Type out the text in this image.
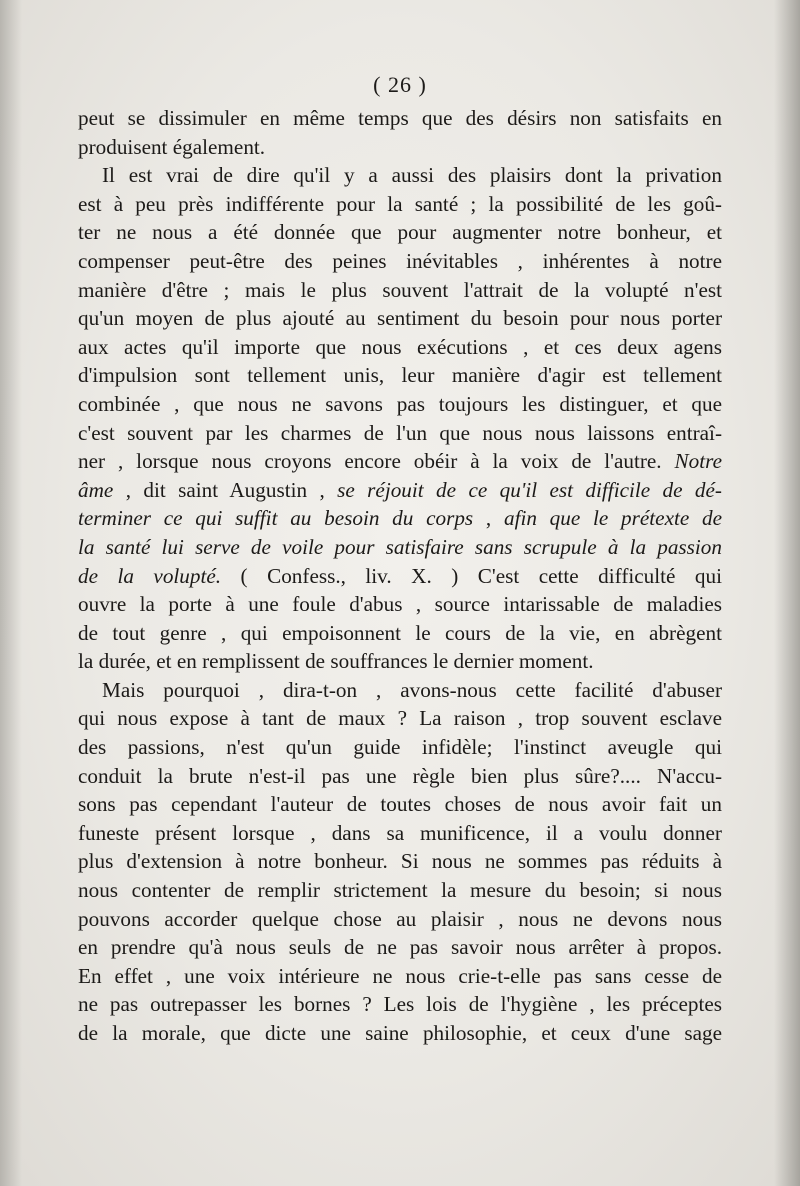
( 26 )
peut se dissimuler en même temps que des désirs non satisfaits en
produisent également.
Il est vrai de dire qu'il y a aussi des plaisirs dont la privation
est à peu près indifférente pour la santé ; la possibilité de les goû-
ter ne nous a été donnée que pour augmenter notre bonheur, et
compenser peut-être des peines inévitables , inhérentes à notre
manière d'être ; mais le plus souvent l'attrait de la volupté n'est
qu'un moyen de plus ajouté au sentiment du besoin pour nous porter
aux actes qu'il importe que nous exécutions , et ces deux agens
d'impulsion sont tellement unis, leur manière d'agir est tellement
combinée , que nous ne savons pas toujours les distinguer, et que
c'est souvent par les charmes de l'un que nous nous laissons entraî-
ner , lorsque nous croyons encore obéir à la voix de l'autre. Notre
âme , dit saint Augustin , se réjouit de ce qu'il est difficile de dé-
terminer ce qui suffit au besoin du corps , afin que le prétexte de
la santé lui serve de voile pour satisfaire sans scrupule à la passion
de la volupté. ( Confess., liv. X. ) C'est cette difficulté qui
ouvre la porte à une foule d'abus , source intarissable de maladies
de tout genre , qui empoisonnent le cours de la vie, en abrègent
la durée, et en remplissent de souffrances le dernier moment.
Mais pourquoi , dira-t-on , avons-nous cette facilité d'abuser
qui nous expose à tant de maux ? La raison , trop souvent esclave
des passions, n'est qu'un guide infidèle; l'instinct aveugle qui
conduit la brute n'est-il pas une règle bien plus sûre?.... N'accu-
sons pas cependant l'auteur de toutes choses de nous avoir fait un
funeste présent lorsque , dans sa munificence, il a voulu donner
plus d'extension à notre bonheur. Si nous ne sommes pas réduits à
nous contenter de remplir strictement la mesure du besoin; si nous
pouvons accorder quelque chose au plaisir , nous ne devons nous
en prendre qu'à nous seuls de ne pas savoir nous arrêter à propos.
En effet , une voix intérieure ne nous crie-t-elle pas sans cesse de
ne pas outrepasser les bornes ? Les lois de l'hygiène , les préceptes
de la morale, que dicte une saine philosophie, et ceux d'une sage
